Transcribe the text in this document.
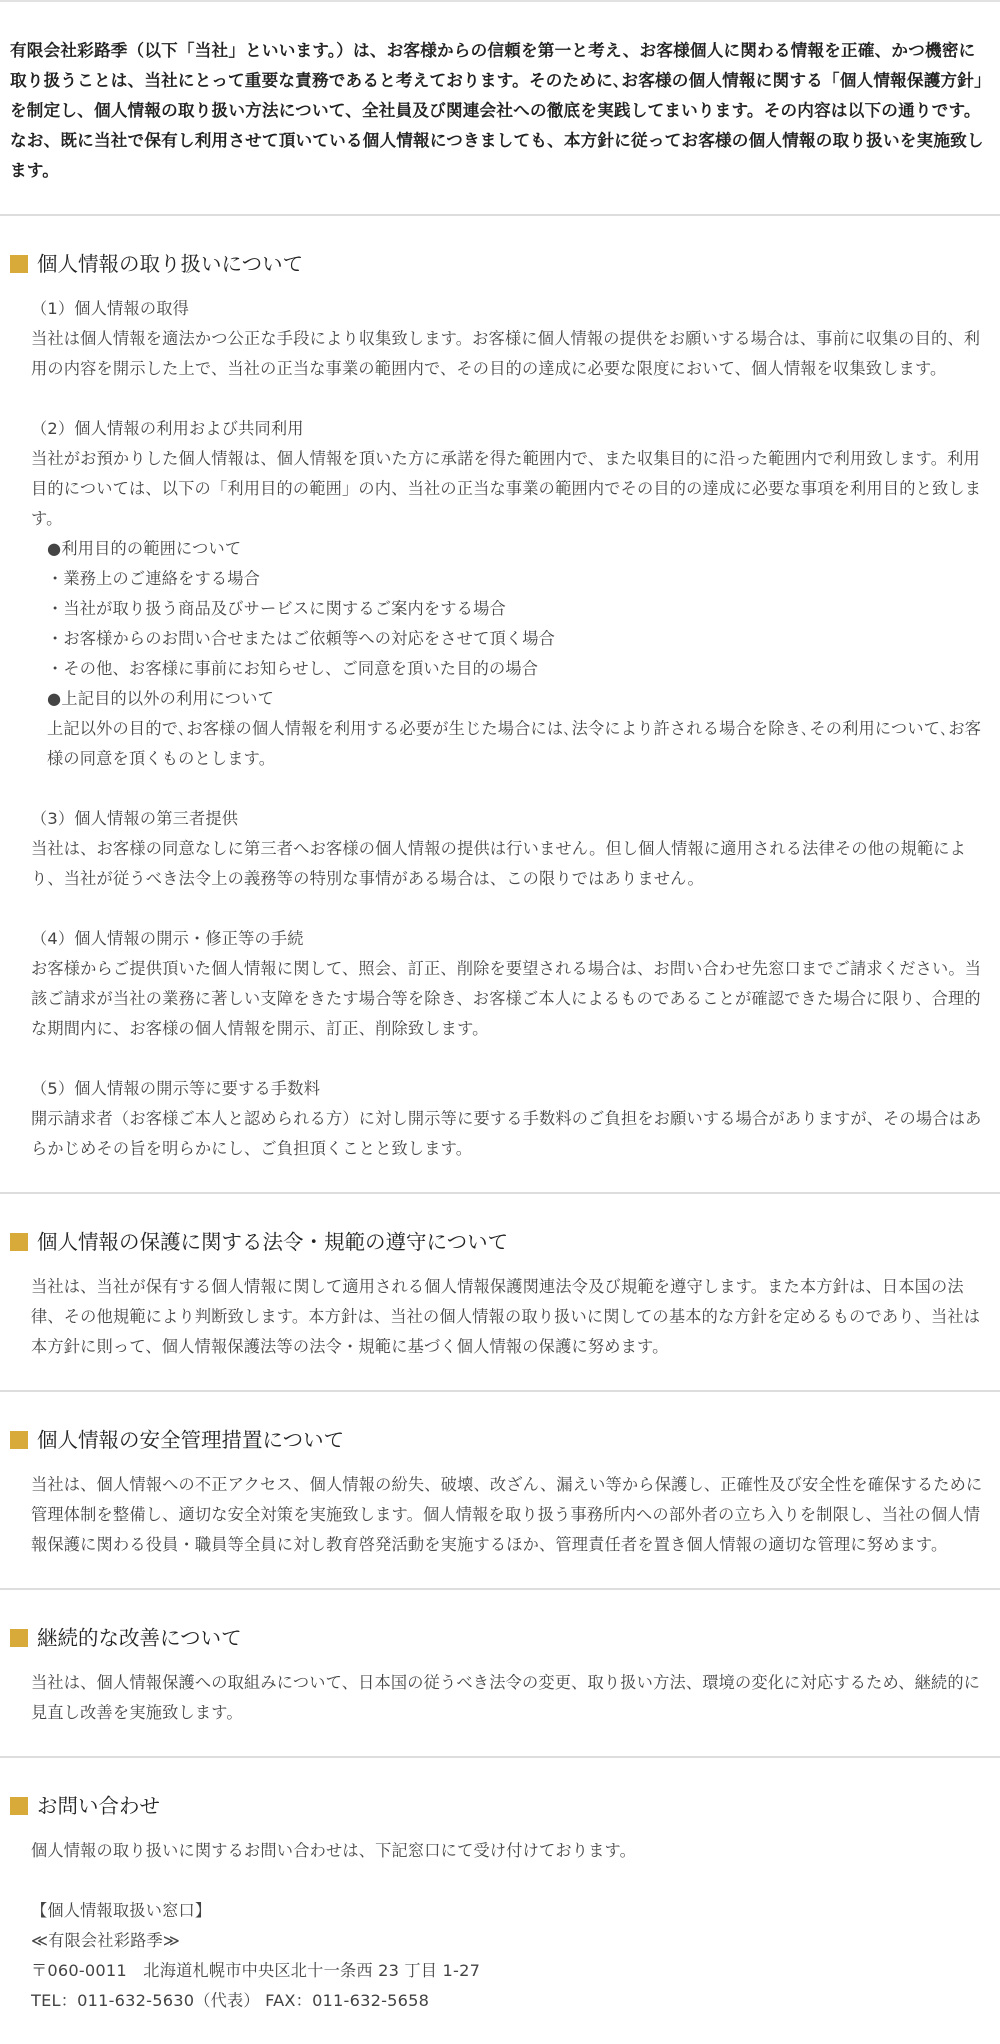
有限会社彩路季（以下「当社」といいます。）は、お客様からの信頼を第一と考え、お客様個人に関わる情報を正確、かつ機密に取り扱うことは、当社にとって重要な責務であると考えております。そのために､お客様の個人情報に関する「個人情報保護方針」を制定し、個人情報の取り扱い方法について、全社員及び関連会社への徹底を実践してまいります。その内容は以下の通りです。なお、既に当社で保有し利用させて頂いている個人情報につきましても、本方針に従ってお客様の個人情報の取り扱いを実施致します。
個人情報の取り扱いについて
（1）個人情報の取得

当社は個人情報を適法かつ公正な手段により収集致します。お客様に個人情報の提供をお願いする場合は、事前に収集の目的、利用の内容を開示した上で、当社の正当な事業の範囲内で、その目的の達成に必要な限度において、個人情報を収集致します。

（2）個人情報の利用および共同利用

当社がお預かりした個人情報は、個人情報を頂いた方に承諾を得た範囲内で、また収集目的に沿った範囲内で利用致します。利用目的については、以下の「利用目的の範囲」の内、当社の正当な事業の範囲内でその目的の達成に必要な事項を利用目的と致します。

●利用目的の範囲について
・業務上のご連絡をする場合
・当社が取り扱う商品及びサービスに関するご案内をする場合
・お客様からのお問い合せまたはご依頼等への対応をさせて頂く場合
・その他、お客様に事前にお知らせし、ご同意を頂いた目的の場合
●上記目的以外の利用について

上記以外の目的で､お客様の個人情報を利用する必要が生じた場合には､法令により許される場合を除き､その利用について､お客様の同意を頂くものとします。

（3）個人情報の第三者提供

当社は、お客様の同意なしに第三者へお客様の個人情報の提供は行いません。但し個人情報に適用される法律その他の規範により、当社が従うべき法令上の義務等の特別な事情がある場合は、この限りではありません。

（4）個人情報の開示・修正等の手続

お客様からご提供頂いた個人情報に関して、照会、訂正、削除を要望される場合は、お問い合わせ先窓口までご請求ください。当該ご請求が当社の業務に著しい支障をきたす場合等を除き、お客様ご本人によるものであることが確認できた場合に限り、合理的な期間内に、お客様の個人情報を開示、訂正、削除致します。

（5）個人情報の開示等に要する手数料

開示請求者（お客様ご本人と認められる方）に対し開示等に要する手数料のご負担をお願いする場合がありますが、その場合はあらかじめその旨を明らかにし、ご負担頂くことと致します。

個人情報の保護に関する法令・規範の遵守について

当社は、当社が保有する個人情報に関して適用される個人情報保護関連法令及び規範を遵守します。また本方針は、日本国の法律、その他規範により判断致します。本方針は、当社の個人情報の取り扱いに関しての基本的な方針を定めるものであり、当社は本方針に則って、個人情報保護法等の法令・規範に基づく個人情報の保護に努めます。

個人情報の安全管理措置について

当社は、個人情報への不正アクセス、個人情報の紛失、破壊、改ざん、漏えい等から保護し、正確性及び安全性を確保するために管理体制を整備し、適切な安全対策を実施致します。個人情報を取り扱う事務所内への部外者の立ち入りを制限し、当社の個人情報保護に関わる役員・職員等全員に対し教育啓発活動を実施するほか、管理責任者を置き個人情報の適切な管理に努めます。

継続的な改善について

当社は、個人情報保護への取組みについて、日本国の従うべき法令の変更、取り扱い方法、環境の変化に対応するため、継続的に見直し改善を実施致します。

お問い合わせ

個人情報の取り扱いに関するお問い合わせは、下記窓口にて受け付けております。

【個人情報取扱い窓口】
≪有限会社彩路季≫
〒060-0011　北海道札幌市中央区北十一条西 23 丁目 1-27
TEL：011-632-5630（代表） FAX：011-632-5658
